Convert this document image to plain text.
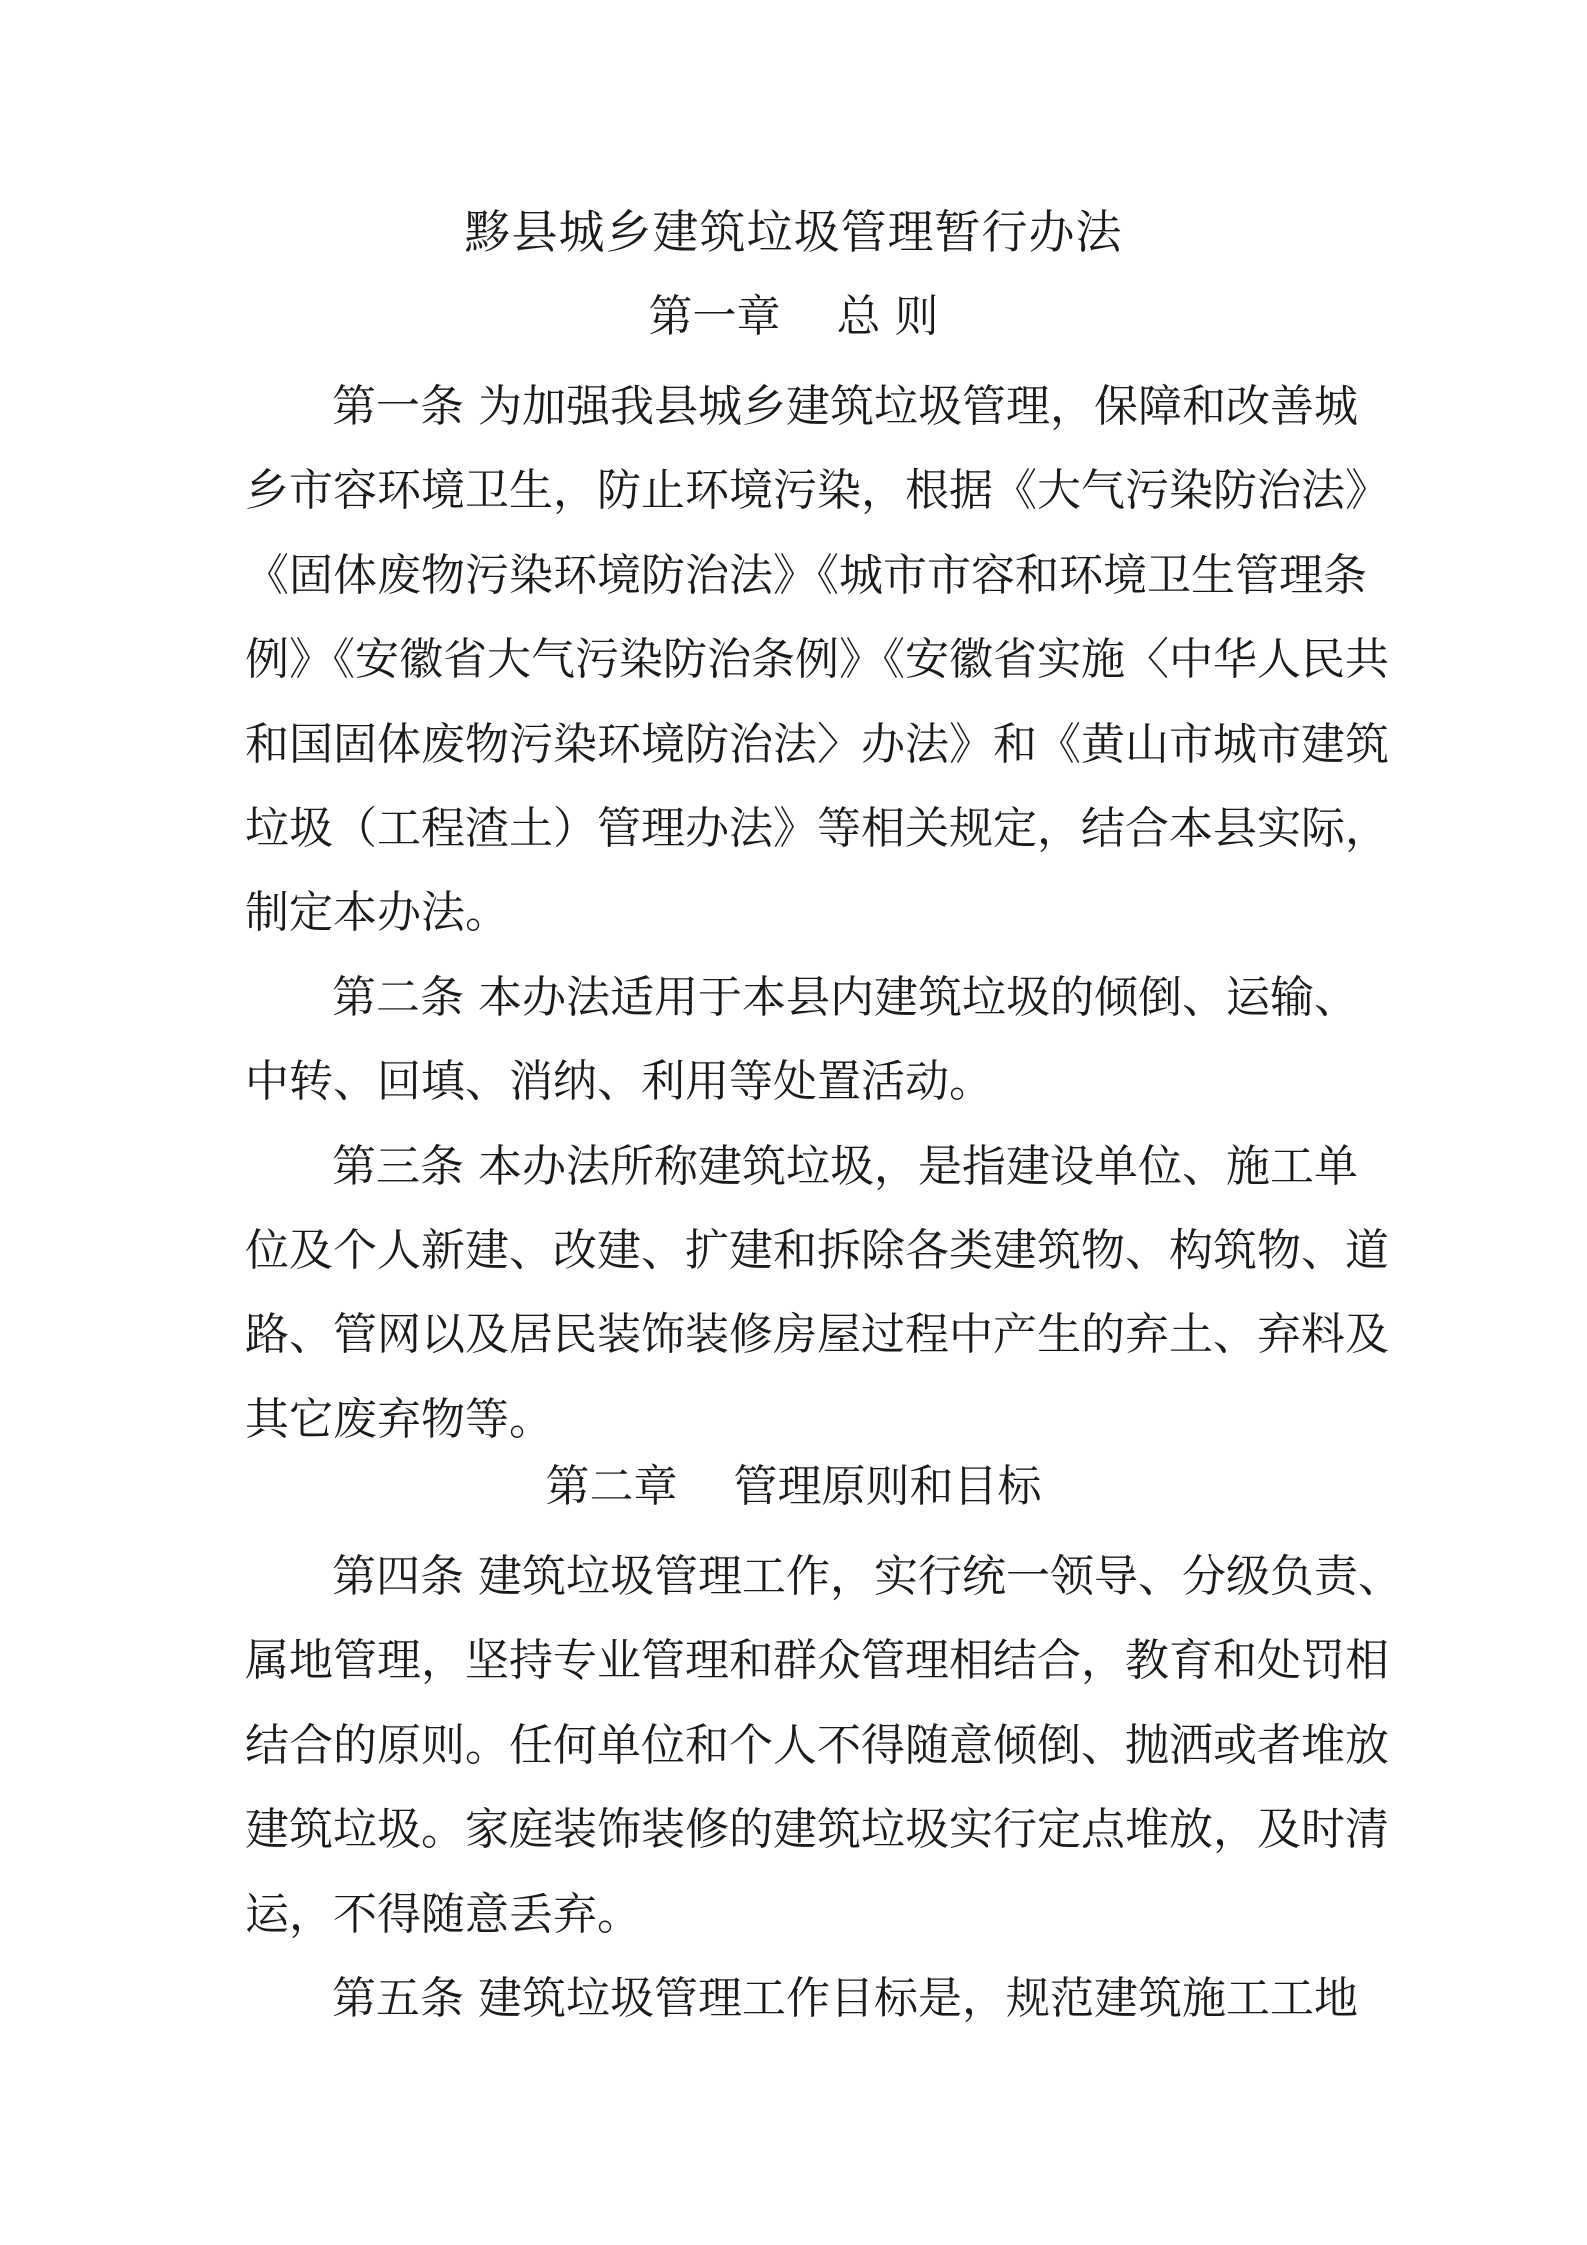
黟县城乡建筑垃圾管理暂行办法
第一章 总 则

第一条 为加强我县城乡建筑垃圾管理，保障和改善城

乡市容环境卫生，防止环境污染，根据《大气污染防治法》

《固体废物污染环境防治法》《城市市容和环境卫生管理条

例》《安徽省大气污染防治条例》《安徽省实施〈中华人民共

和国固体废物污染环境防治法〉办法》和《黄山市城市建筑

垃圾（工程渣土）管理办法》等相关规定，结合本县实际，

制定本办法。

第二条 本办法适用于本县内建筑垃圾的倾倒、运输、

中转、回填、消纳、利用等处置活动。

第三条 本办法所称建筑垃圾，是指建设单位、施工单

位及个人新建、改建、扩建和拆除各类建筑物、构筑物、道

路、管网以及居民装饰装修房屋过程中产生的弃土、弃料及

其它废弃物等。

第二章 管理原则和目标

第四条 建筑垃圾管理工作，实行统一领导、分级负责、

属地管理，坚持专业管理和群众管理相结合，教育和处罚相

结合的原则。任何单位和个人不得随意倾倒、抛洒或者堆放

建筑垃圾。家庭装饰装修的建筑垃圾实行定点堆放，及时清

运，不得随意丢弃。

第五条 建筑垃圾管理工作目标是，规范建筑施工工地
